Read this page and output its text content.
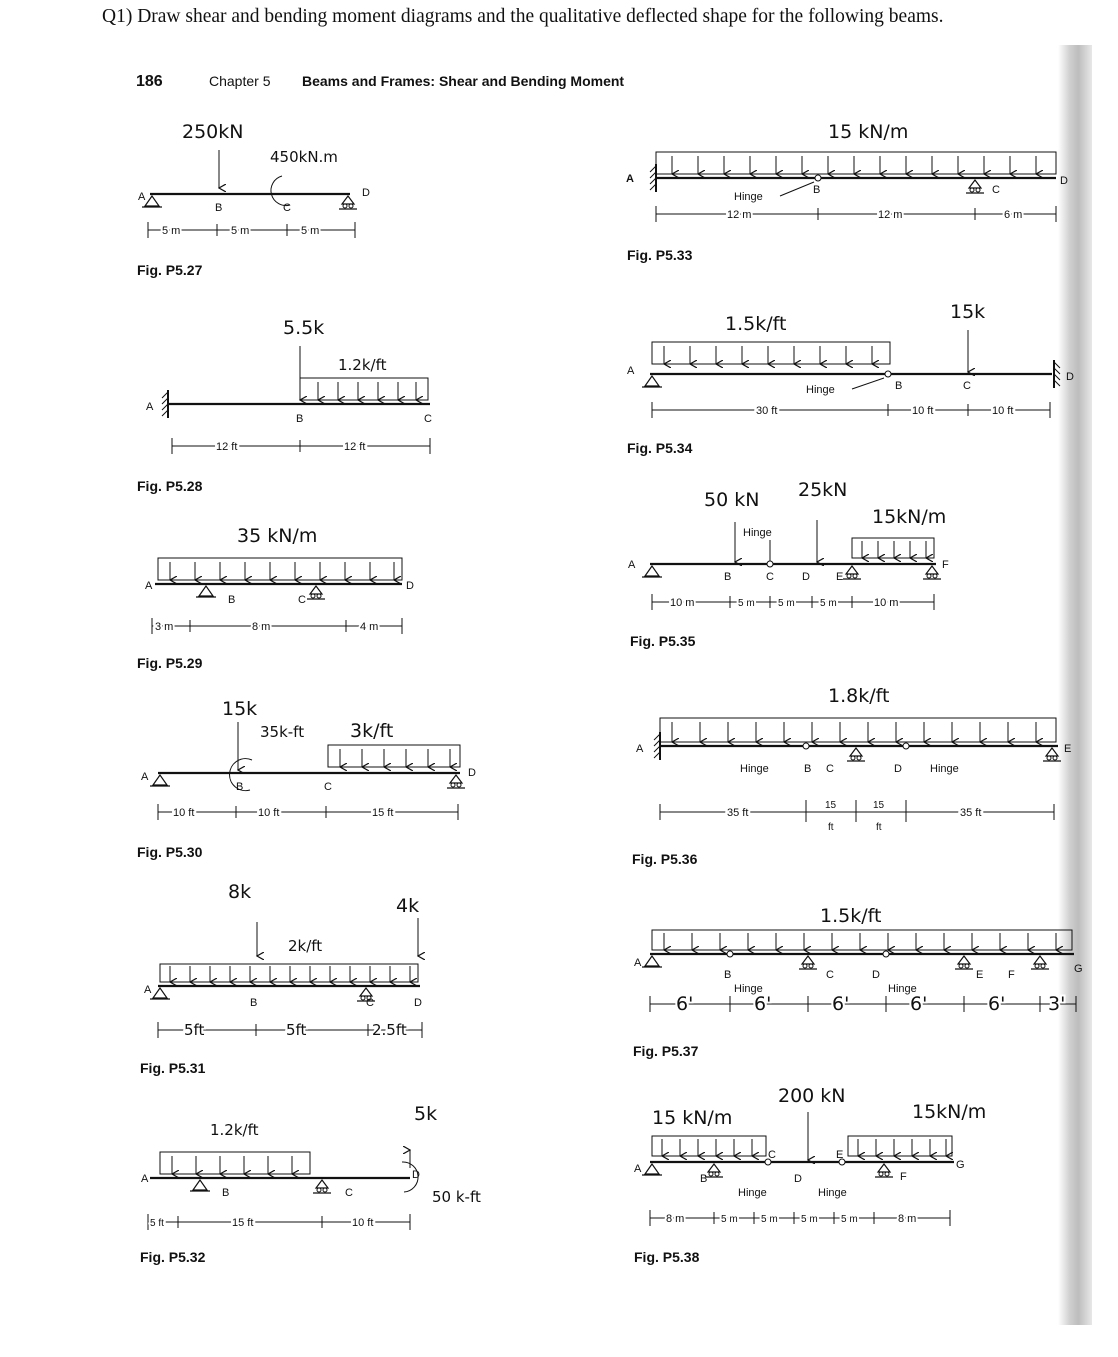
Q1) Draw shear and bending moment diagrams and the qualitative deflected shape for the following beams.
186	Chapter 5 Beams and Frames: Shear and Bending Moment
250kN
450kN.m
A
B	C
D
5 m	5 m	5 m
Fig. P5.27
5.5k
1.2k/ft
A
B	C
12 ft	12 ft
Fig. P5.28
35 kN/m
A
B	C
D
3 m	8 m	4 m
Fig. P5.29
15k
35k-ft 3k/ft
A
B	C
D
10 ft	10 ft	15 ft
Fig. P5.30
8k
4k
2k/ft
A
B	C	D
5ft	5ft	2.5ft
Fig. P5.31
1.2k/ft
5k
50 k-ft
A
B	C
D
5 ft	15 ft	10 ft
Fig. P5.32
15 kN/m
A
B	C
D
Hinge
12 m	12 m	6 m
Fig. P5.33
1.5k/ft
15k
A
B	C
D
Hinge
30 ft	10 ft	10 ft
Fig. P5.34
50 kN 25kN
15kN/m
Hinge
A
B	C	D E
F
10 m	5 m 5 m	5 m	10 m
Fig. P5.35
1.8k/ft
A
B C	D
E
Hinge	Hinge
35 ft
15
ft
15
ft
35 ft
Fig. P5.36
1.5k/ft
A
B	C	D	E F	G
Hinge	Hinge
6'	6'	6'	6'	6' 3'
Fig. P5.37
15 kN/m
200 kN
15kN/m
A
B
C
D
E
F
G
Hinge	Hinge
8 m	5 m 5 m 5 m 5 m	8 m
Fig. P5.38
